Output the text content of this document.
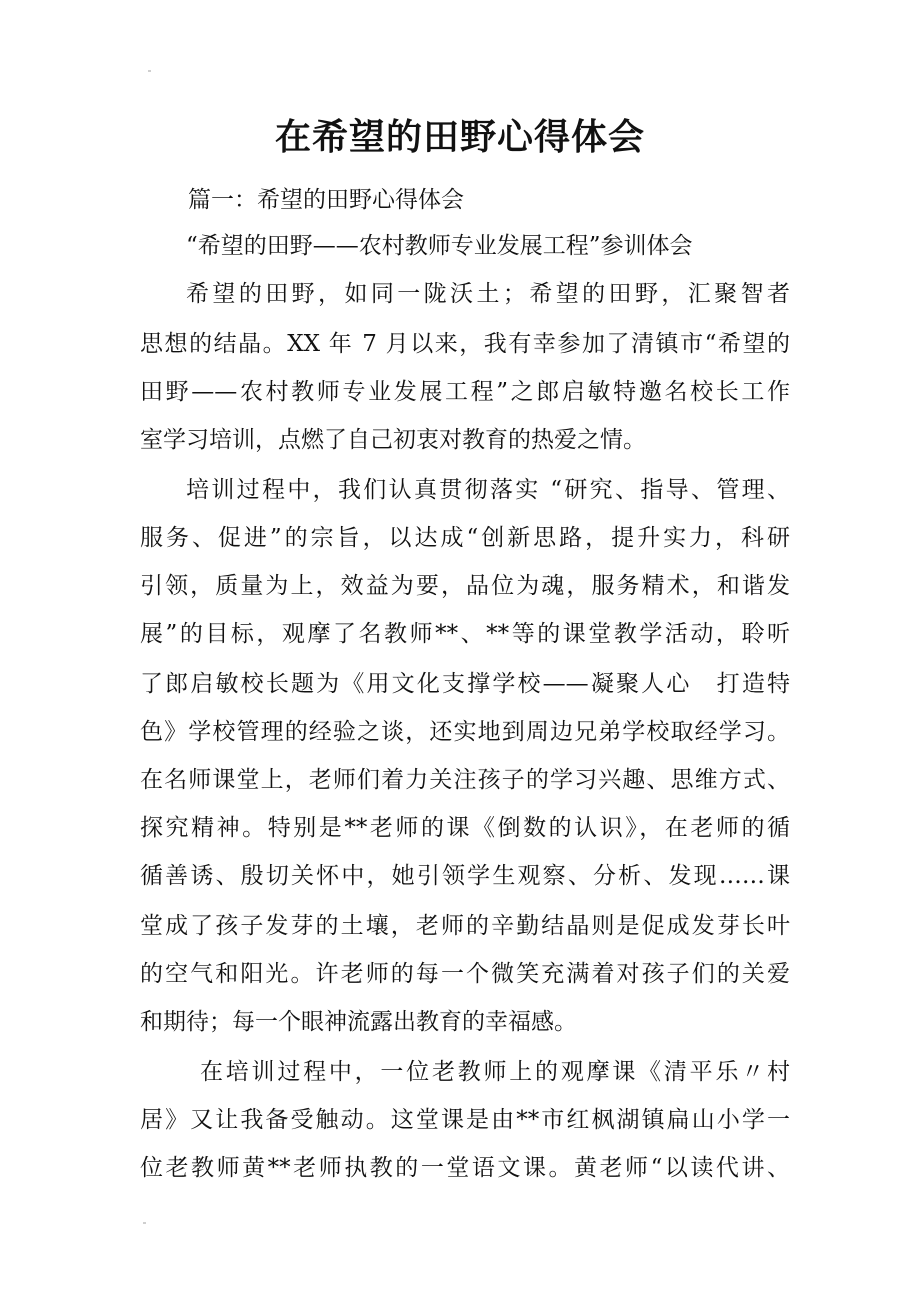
在希望的田野心得体会

篇一：希望的田野心得体会

“希望的田野——农村教师专业发展工程”参训体会

希望的田野，如同一陇沃土；希望的田野，汇聚智者

思想的结晶。XX 年 7 月以来，我有幸参加了清镇市“希望的

田野——农村教师专业发展工程”之郎启敏特邀名校长工作

室学习培训，点燃了自己初衷对教育的热爱之情。

培训过程中，我们认真贯彻落实 “研究、指导、管理、

服务、促进”的宗旨，以达成“创新思路，提升实力，科研

引领，质量为上，效益为要，品位为魂，服务精术，和谐发

展”的目标，观摩了名教师**、**等的课堂教学活动，聆听

了郎启敏校长题为《用文化支撑学校——凝聚人心　打造特

色》学校管理的经验之谈，还实地到周边兄弟学校取经学习。

在名师课堂上，老师们着力关注孩子的学习兴趣、思维方式、

探究精神。特别是**老师的课《倒数的认识》，在老师的循

循善诱、殷切关怀中，她引领学生观察、分析、发现……课

堂成了孩子发芽的土壤，老师的辛勤结晶则是促成发芽长叶

的空气和阳光。许老师的每一个微笑充满着对孩子们的关爱

和期待；每一个眼神流露出教育的幸福感。

在培训过程中，一位老教师上的观摩课《清平乐〃村

居》又让我备受触动。这堂课是由**市红枫湖镇扁山小学一

位老教师黄**老师执教的一堂语文课。黄老师“以读代讲、
